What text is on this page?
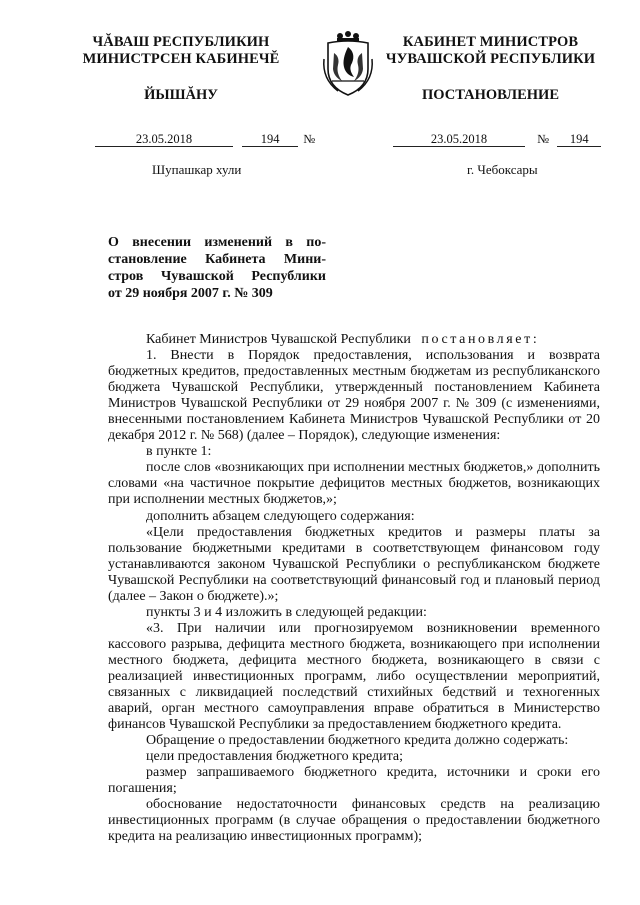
ЧĂВАШ РЕСПУБЛИКИН
МИНИСТРСЕН КАБИНЕЧĔ
ЙЫШĂНУ
КАБИНЕТ МИНИСТРОВ
ЧУВАШСКОЙ РЕСПУБЛИКИ
ПОСТАНОВЛЕНИЕ
23.05.2018	194 №	23.05.2018	№ 194
Шупашкар хули	г. Чебоксары
О внесении изменений в по-
становление Кабинета Мини-
стров Чувашской Республики
от 29 ноября 2007 г. № 309

Кабинет Министров Чувашской Республики постановляет:

1. Внести в Порядок предоставления, использования и возврата бюджетных кредитов, предоставленных местным бюджетам из республиканского бюджета Чувашской Республики, утвержденный постановлением Кабинета Министров Чувашской Республики от 29 ноября 2007 г. № 309 (с изменениями, внесенными постановлением Кабинета Министров Чувашской Республики от 20 декабря 2012 г. № 568) (далее – Порядок), следующие изменения:

в пункте 1:

после слов «возникающих при исполнении местных бюджетов,» дополнить словами «на частичное покрытие дефицитов местных бюджетов, возникающих при исполнении местных бюджетов,»;

дополнить абзацем следующего содержания:

«Цели предоставления бюджетных кредитов и размеры платы за пользование бюджетными кредитами в соответствующем финансовом году устанавливаются законом Чувашской Республики о республиканском бюджете Чувашской Республики на соответствующий финансовый год и плановый период (далее – Закон о бюджете).»;

пункты 3 и 4 изложить в следующей редакции:

«3. При наличии или прогнозируемом возникновении временного кассового разрыва, дефицита местного бюджета, возникающего при исполнении местного бюджета, дефицита местного бюджета, возникающего в связи с реализацией инвестиционных программ, либо осуществлении мероприятий, связанных с ликвидацией последствий стихийных бедствий и техногенных аварий, орган местного самоуправления вправе обратиться в Министерство финансов Чувашской Республики за предоставлением бюджетного кредита.

Обращение о предоставлении бюджетного кредита должно содержать:

цели предоставления бюджетного кредита;

размер запрашиваемого бюджетного кредита, источники и сроки его погашения;

обоснование недостаточности финансовых средств на реализацию инвестиционных программ (в случае обращения о предоставлении бюджетного кредита на реализацию инвестиционных программ);
